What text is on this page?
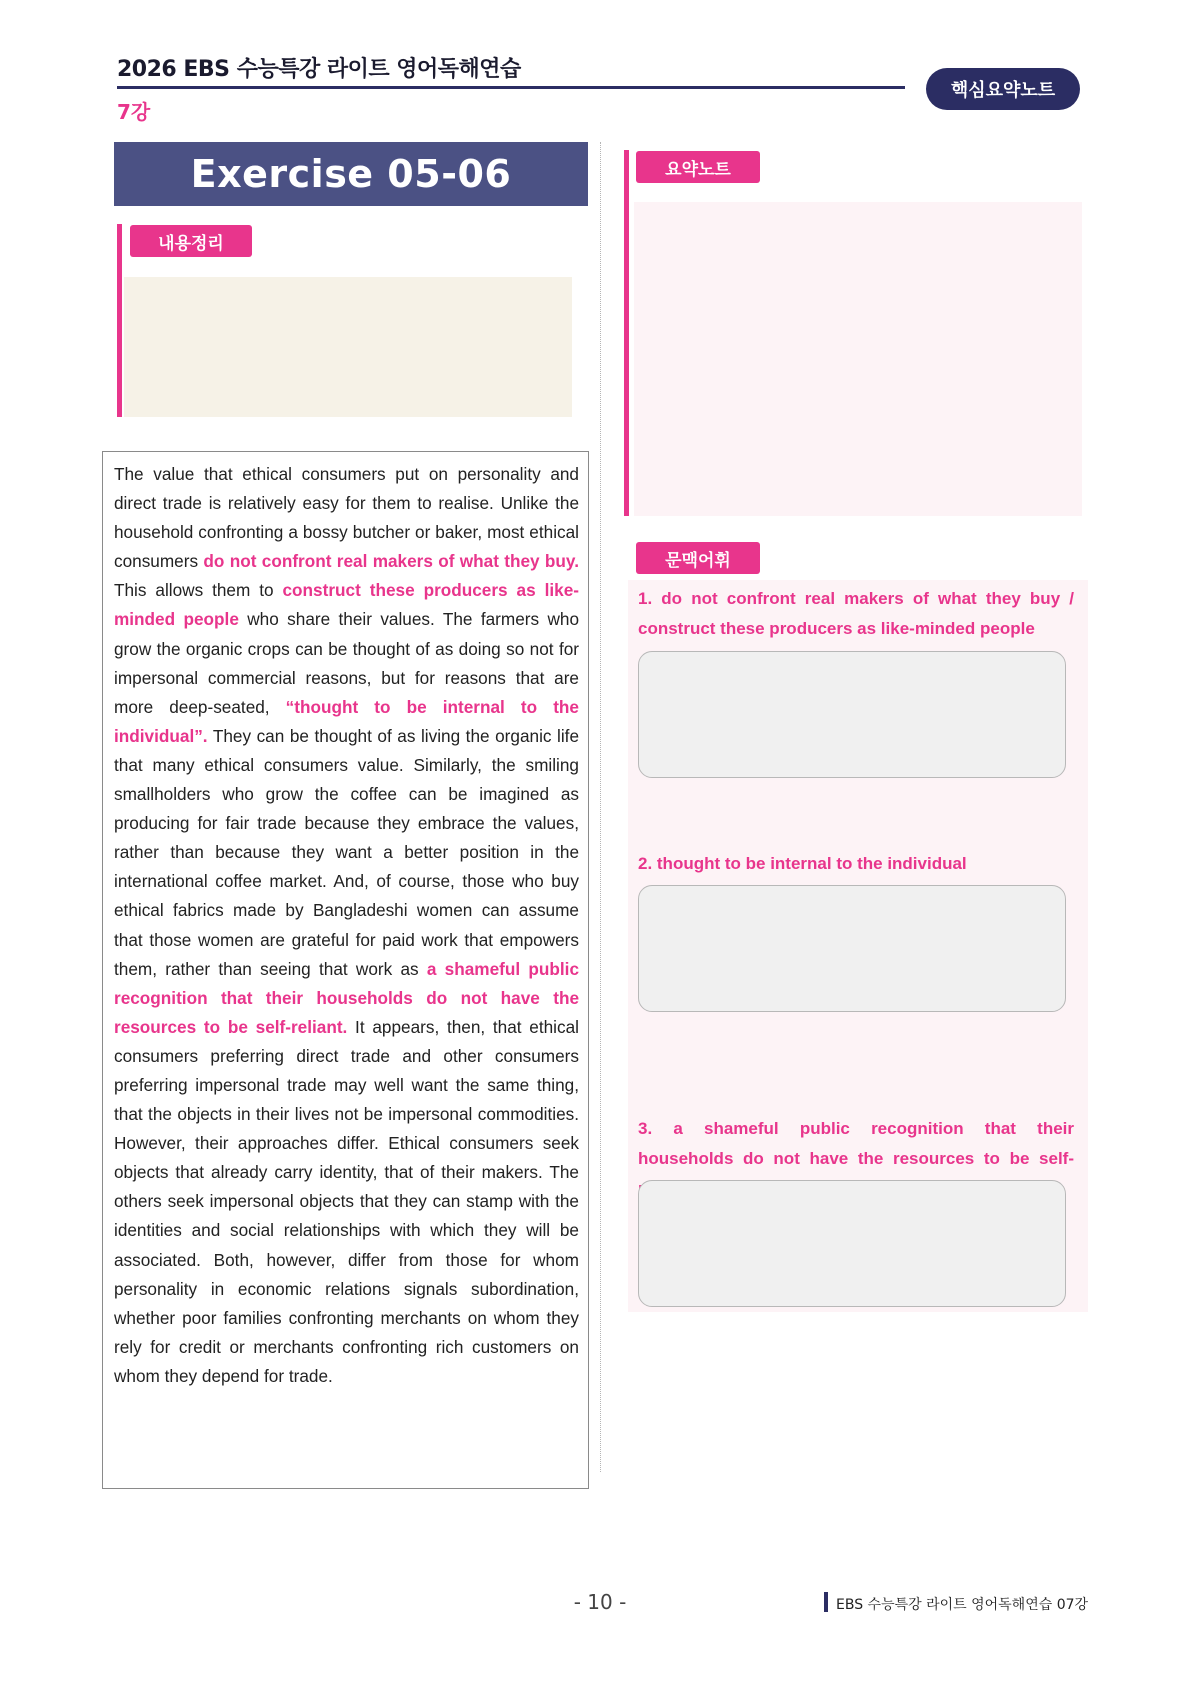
2026 EBS 수능특강 라이트 영어독해연습
7강
핵심요약노트
Exercise 05-06
내용정리
The value that ethical consumers put on personality and direct trade is relatively easy for them to realise. Unlike the household confronting a bossy butcher or baker, most ethical consumers do not confront real makers of what they buy. This allows them to construct these producers as like-minded people who share their values. The farmers who grow the organic crops can be thought of as doing so not for impersonal commercial reasons, but for reasons that are more deep-seated, “thought to be internal to the individual”. They can be thought of as living the organic life that many ethical consumers value. Similarly, the smiling smallholders who grow the coffee can be imagined as producing for fair trade because they embrace the values, rather than because they want a better position in the international coffee market. And, of course, those who buy ethical fabrics made by Bangladeshi women can assume that those women are grateful for paid work that empowers them, rather than seeing that work as a shameful public recognition that their households do not have the resources to be self-reliant. It appears, then, that ethical consumers preferring direct trade and other consumers preferring impersonal trade may well want the same thing, that the objects in their lives not be impersonal commodities. However, their approaches differ. Ethical consumers seek objects that already carry identity, that of their makers. The others seek impersonal objects that they can stamp with the identities and social relationships with which they will be associated. Both, however, differ from those for whom personality in economic relations signals subordination, whether poor families confronting merchants on whom they rely for credit or merchants confronting rich customers on whom they depend for trade.
요약노트
문맥어휘
1. do not confront real makers of what they buy / construct these producers as like-minded people
2. thought to be internal to the individual
3. a shameful public recognition that their households do not have the resources to be self-
- 10 -	EBS 수능특강 라이트 영어독해연습 07강
